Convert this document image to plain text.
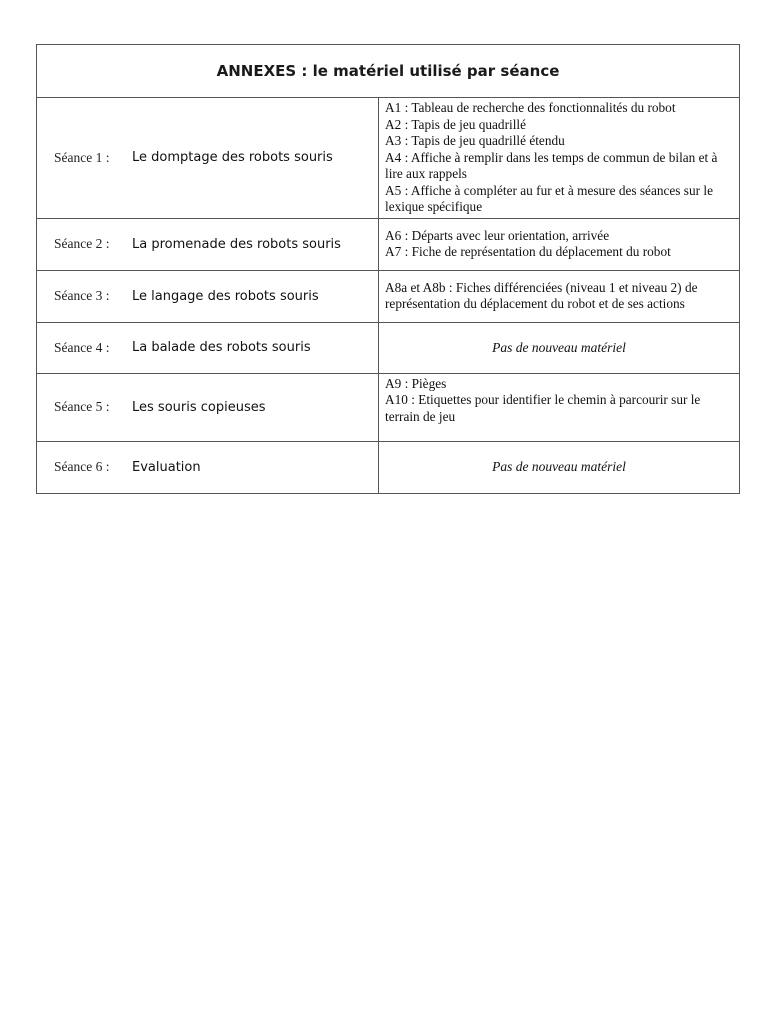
ANNEXES : le matériel utilisé par séance	

Séance 1 : Le domptage des robots souris	A1 : Tableau de recherche des fonctionnalités du robot
A2 : Tapis de jeu quadrillé
A3 : Tapis de jeu quadrillé étendu
A4 : Affiche à remplir dans les temps de commun de bilan et à lire aux rappels
A5 : Affiche à compléter au fur et à mesure des séances sur le lexique spécifique

Séance 2 : La promenade des robots souris	A6 : Départs avec leur orientation, arrivée
A7 : Fiche de représentation du déplacement du robot

Séance 3 : Le langage des robots souris	A8a et A8b : Fiches différenciées (niveau 1 et niveau 2) de représentation du déplacement du robot et de ses actions

Séance 4 : La balade des robots souris	Pas de nouveau matériel

Séance 5 : Les souris copieuses	A9 : Pièges
A10 : Etiquettes pour identifier le chemin à parcourir sur le terrain de jeu

Séance 6 : Evaluation	Pas de nouveau matériel
